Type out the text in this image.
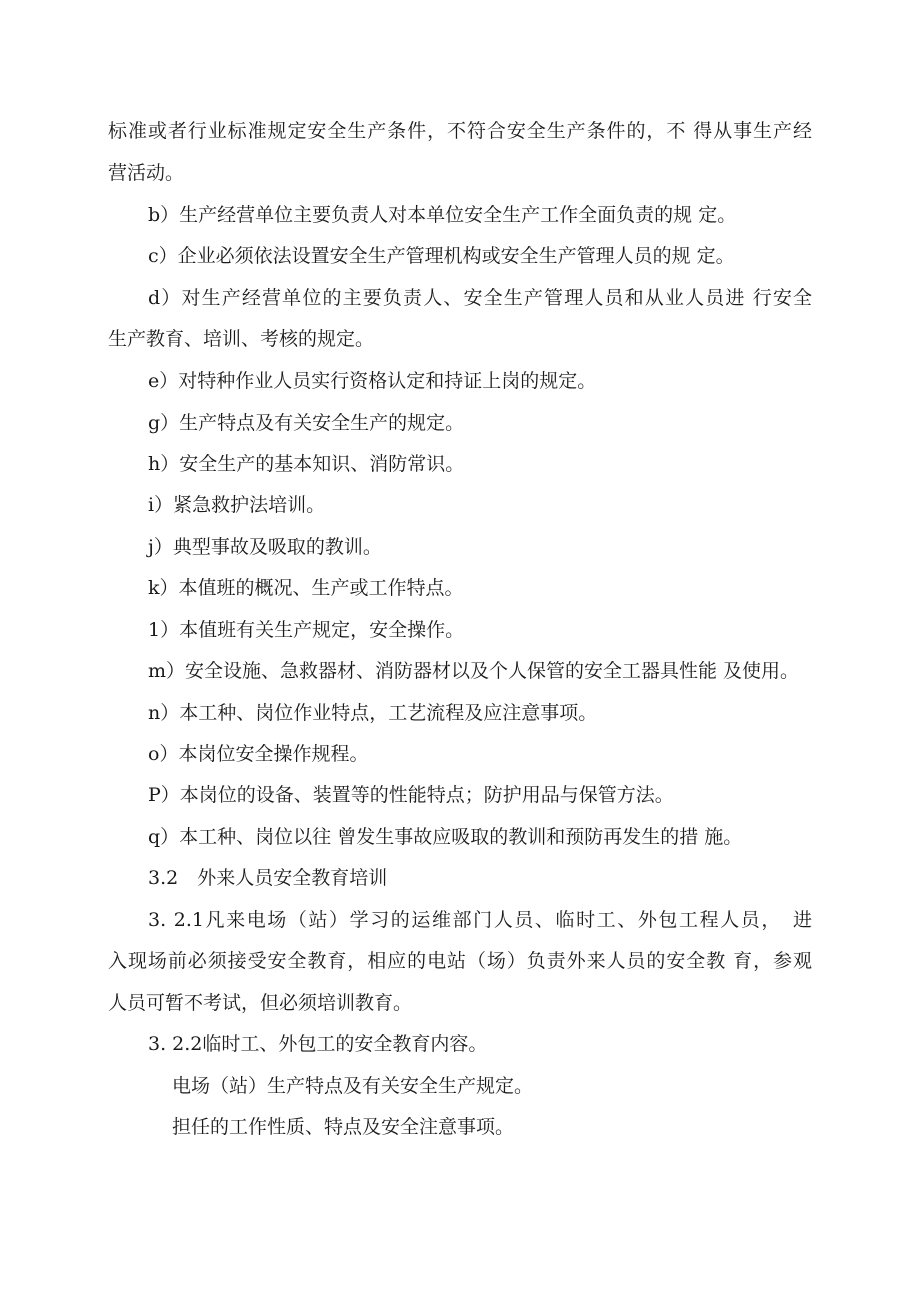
标准或者行业标准规定安全生产条件，不符合安全生产条件的，不 得从事生产经
营活动。
b）生产经营单位主要负责人对本单位安全生产工作全面负责的规 定。
c）企业必须依法设置安全生产管理机构或安全生产管理人员的规 定。
d）对生产经营单位的主要负责人、安全生产管理人员和从业人员进 行安全
生产教育、培训、考核的规定。
e）对特种作业人员实行资格认定和持证上岗的规定。
g）生产特点及有关安全生产的规定。
h）安全生产的基本知识、消防常识。
i）紧急救护法培训。
j）典型事故及吸取的教训。
k）本值班的概况、生产或工作特点。
1）本值班有关生产规定，安全操作。
m）安全设施、急救器材、消防器材以及个人保管的安全工器具性能 及使用。
n）本工种、岗位作业特点，工艺流程及应注意事项。
o）本岗位安全操作规程。
P）本岗位的设备、装置等的性能特点；防护用品与保管方法。
q）本工种、岗位以往 曾发生事故应吸取的教训和预防再发生的措 施。
3.2　外来人员安全教育培训
3. 2.1凡来电场（站）学习的运维部门人员、临时工、外包工程人员，　进
入现场前必须接受安全教育，相应的电站（场）负责外来人员的安全教 育，参观
人员可暂不考试，但必须培训教育。
3. 2.2临时工、外包工的安全教育内容。
电场（站）生产特点及有关安全生产规定。
担任的工作性质、特点及安全注意事项。
